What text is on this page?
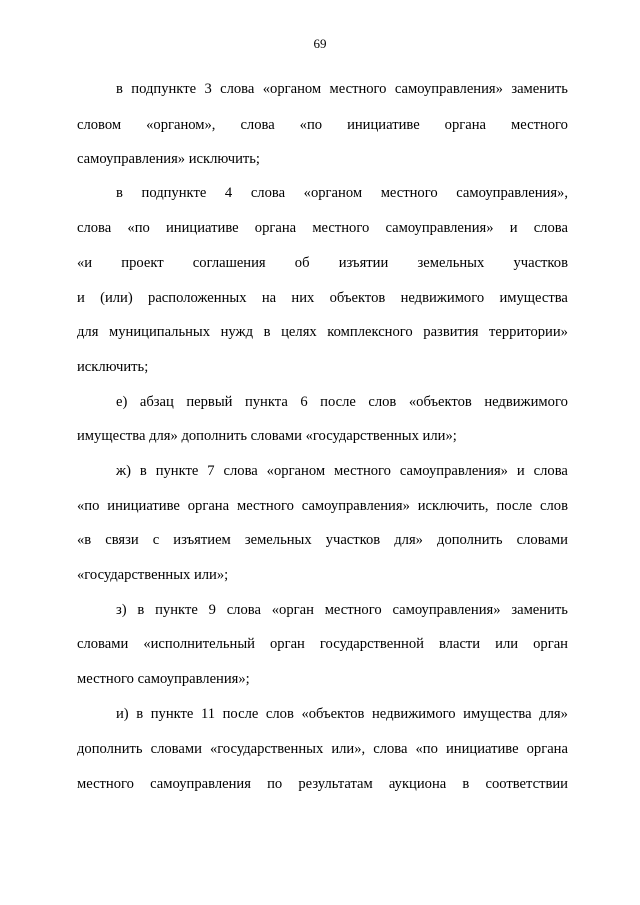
69
в подпункте 3 слова «органом местного самоуправления» заменить
словом «органом», слова «по инициативе органа местного
самоуправления» исключить;
в подпункте 4 слова «органом местного самоуправления»,
слова «по инициативе органа местного самоуправления» и слова
«и проект соглашения об изъятии земельных участков
и (или) расположенных на них объектов недвижимого имущества
для муниципальных нужд в целях комплексного развития территории»
исключить;
е) абзац первый пункта 6 после слов «объектов недвижимого
имущества для» дополнить словами «государственных или»;
ж) в пункте 7 слова «органом местного самоуправления» и слова
«по инициативе органа местного самоуправления» исключить, после слов
«в связи с изъятием земельных участков для» дополнить словами
«государственных или»;
з) в пункте 9 слова «орган местного самоуправления» заменить
словами «исполнительный орган государственной власти или орган
местного самоуправления»;
и) в пункте 11 после слов «объектов недвижимого имущества для»
дополнить словами «государственных или», слова «по инициативе органа
местного самоуправления по результатам аукциона в соответствии
